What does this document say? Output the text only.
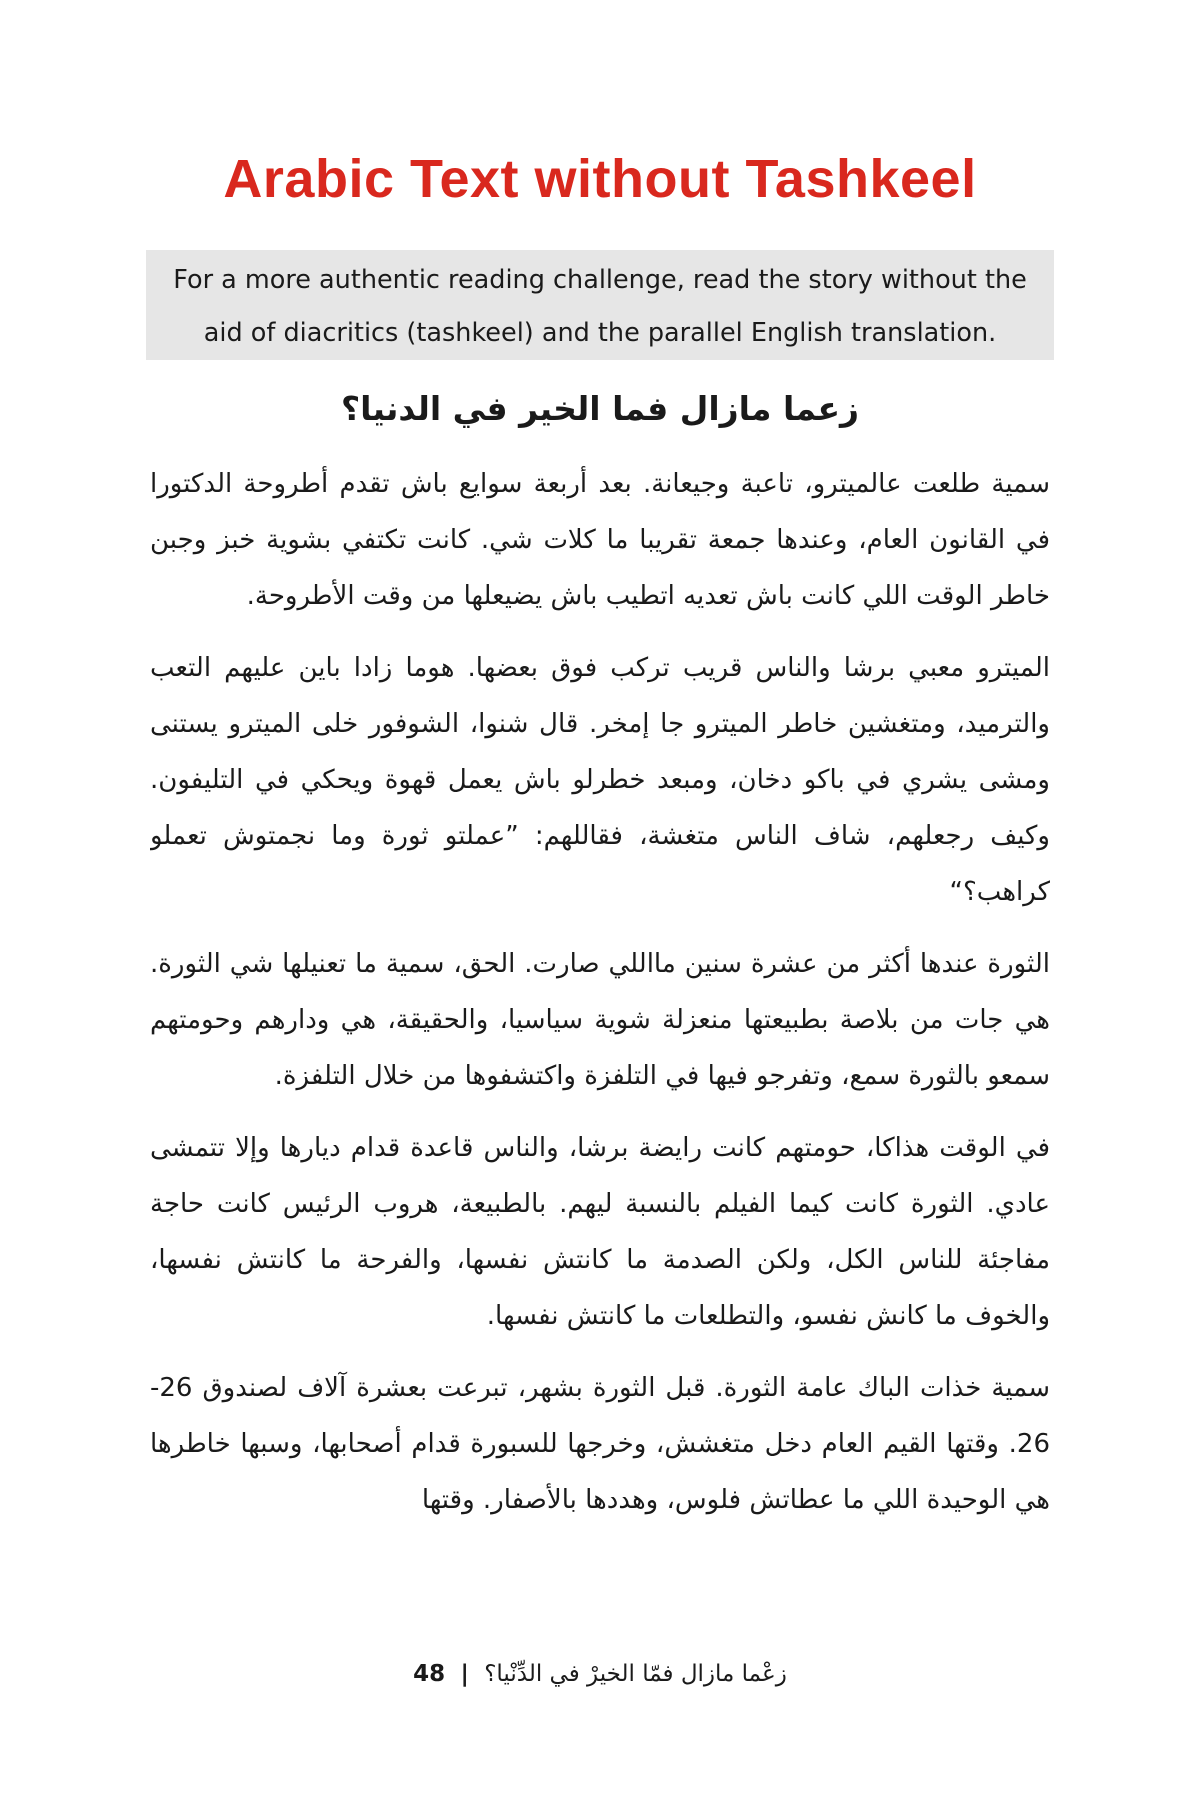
Arabic Text without Tashkeel
For a more authentic reading challenge, read the story without the
aid of diacritics (tashkeel) and the parallel English translation.
زعما مازال فما الخير في الدنيا؟

سمية طلعت عالميترو، تاعبة وجيعانة. بعد أربعة سوايع باش تقدم أطروحة الدكتورا في القانون العام، وعندها جمعة تقريبا ما كلات شي. كانت تكتفي بشوية خبز وجبن خاطر الوقت اللي كانت باش تعديه اتطيب باش يضيعلها من وقت الأطروحة.

الميترو معبي برشا والناس قريب تركب فوق بعضها. هوما زادا باين عليهم التعب والترميد، ومتغشين خاطر الميترو جا إمخر. قال شنوا، الشوفور خلى الميترو يستنى ومشى يشري في باكو دخان، ومبعد خطرلو باش يعمل قهوة ويحكي في التليفون. وكيف رجعلهم، شاف الناس متغشة، فقاللهم: ”عملتو ثورة وما نجمتوش تعملو كراهب؟“

الثورة عندها أكثر من عشرة سنين مااللي صارت. الحق، سمية ما تعنيلها شي الثورة. هي جات من بلاصة بطبيعتها منعزلة شوية سياسيا، والحقيقة، هي ودارهم وحومتهم سمعو بالثورة سمع، وتفرجو فيها في التلفزة واكتشفوها من خلال التلفزة.

في الوقت هذاكا، حومتهم كانت رايضة برشا، والناس قاعدة قدام ديارها وإلا تتمشى عادي. الثورة كانت كيما الفيلم بالنسبة ليهم. بالطبيعة، هروب الرئيس كانت حاجة مفاجئة للناس الكل، ولكن الصدمة ما كانتش نفسها، والفرحة ما كانتش نفسها، والخوف ما كانش نفسو، والتطلعات ما كانتش نفسها.

سمية خذات الباك عامة الثورة. قبل الثورة بشهر، تبرعت بعشرة آلاف لصندوق 26-26. وقتها القيم العام دخل متغشش، وخرجها للسبورة قدام أصحابها، وسبها خاطرها هي الوحيدة اللي ما عطاتش فلوس، وهددها بالأصفار. وقتها

زعْما مازال فمّا الخيرْ في الدِّنْيا؟ | 48
